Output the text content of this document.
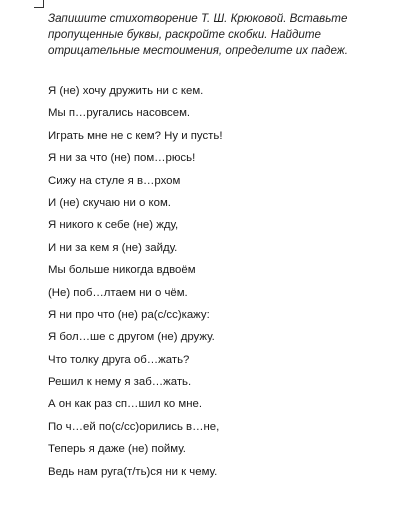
Запишите стихотворение Т. Ш. Крюковой. Вставьте пропущенные буквы, раскройте скобки. Найдите отрицательные местоимения, определите их падеж.
Я (не) хочу дружить ни с кем.
Мы п…ругались насовсем.
Играть мне не с кем? Ну и пусть!
Я ни за что (не) пом…рюсь!
Сижу на стуле я в…рхом
И (не) скучаю ни о ком.
Я никого к себе (не) жду,
И ни за кем я (не) зайду.
Мы больше никогда вдвоём
(Не) поб…лтаем ни о чём.
Я ни про что (не) ра(с/сс)кажу:
Я бол…ше с другом (не) дружу.
Что толку друга об…жать?
Решил к нему я заб…жать.
А он как раз сп…шил ко мне.
По ч…ей по(с/сс)орились в…не,
Теперь я даже (не) пойму.
Ведь нам руга(т/ть)ся ни к чему.
